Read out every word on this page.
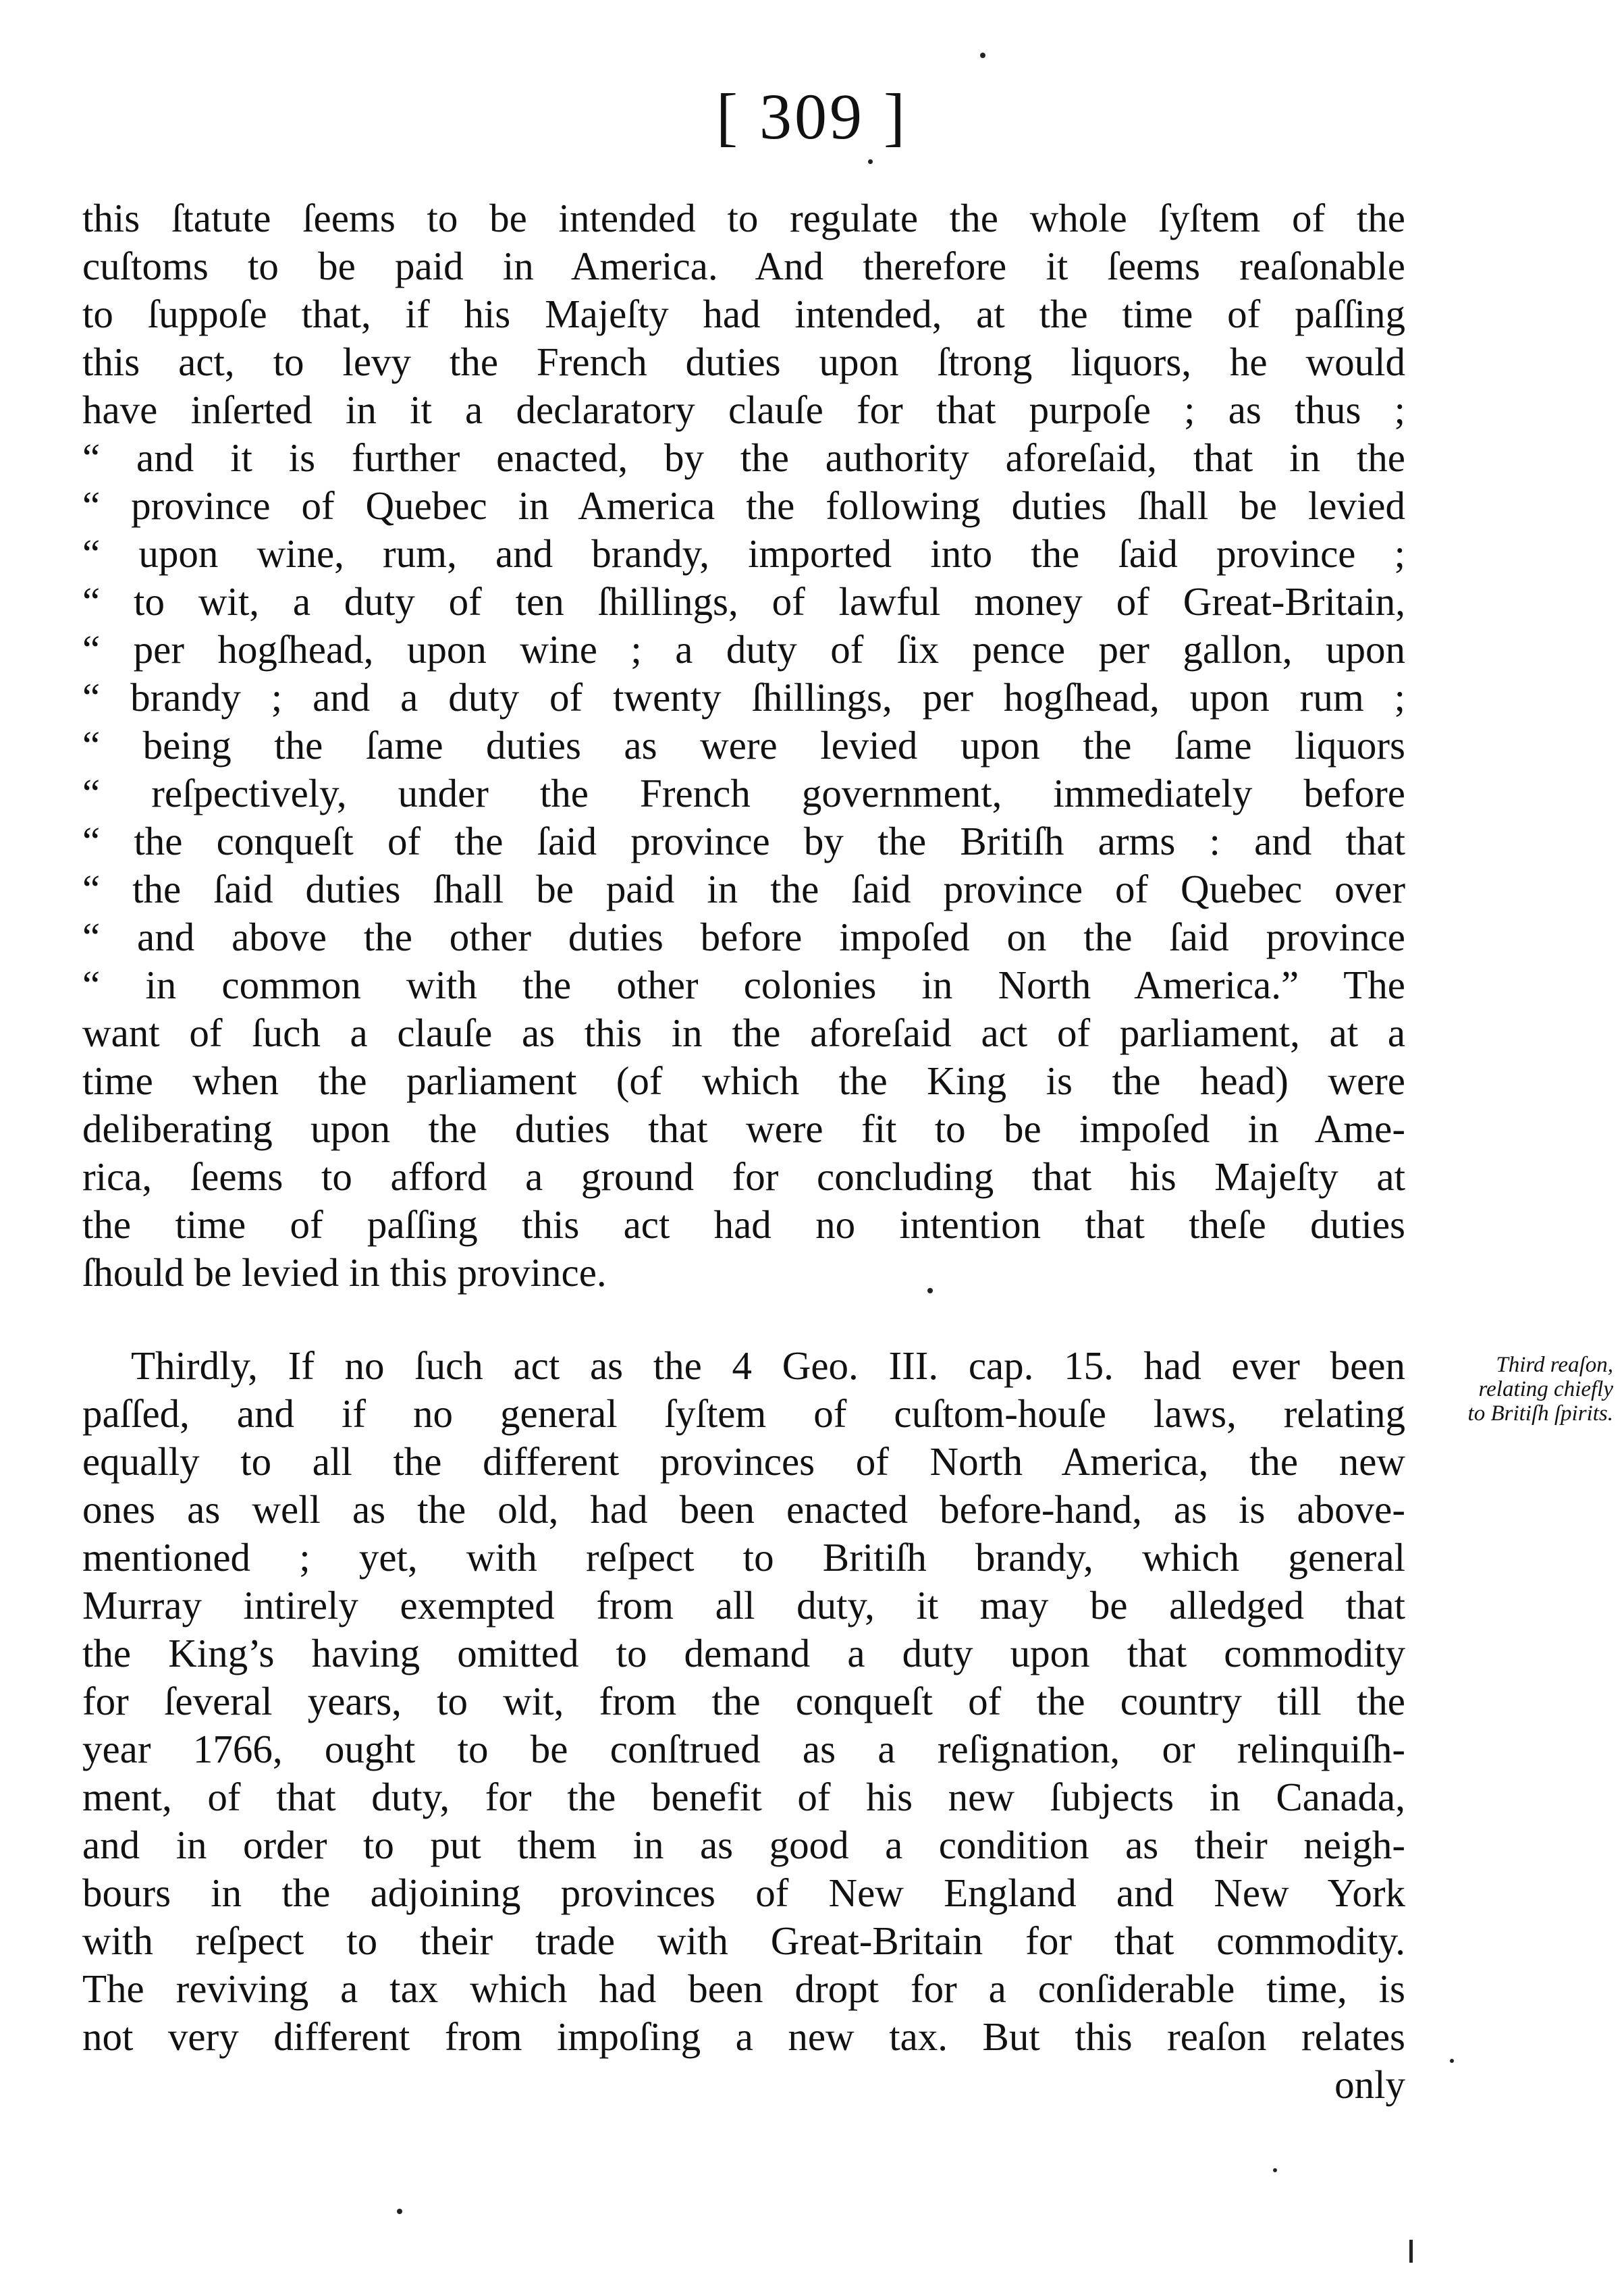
[ 309 ]
this ſtatute ſeems to be intended to regulate the whole ſyſtem of the
cuſtoms to be paid in America. And therefore it ſeems reaſonable
to ſuppoſe that, if his Majeſty had intended, at the time of paſſing
this act, to levy the French duties upon ſtrong liquors, he would
have inſerted in it a declaratory clauſe for that purpoſe ; as thus ;
“ and it is further enacted, by the authority aforeſaid, that in the
“ province of Quebec in America the following duties ſhall be levied
“ upon wine, rum, and brandy, imported into the ſaid province ;
“ to wit, a duty of ten ſhillings, of lawful money of Great-Britain,
“ per hogſhead, upon wine ; a duty of ſix pence per gallon, upon
“ brandy ; and a duty of twenty ſhillings, per hogſhead, upon rum ;
“ being the ſame duties as were levied upon the ſame liquors
“ reſpectively, under the French government, immediately before
“ the conqueſt of the ſaid province by the Britiſh arms : and that
“ the ſaid duties ſhall be paid in the ſaid province of Quebec over
“ and above the other duties before impoſed on the ſaid province
“ in common with the other colonies in North America.” The
want of ſuch a clauſe as this in the aforeſaid act of parliament, at a
time when the parliament (of which the King is the head) were
deliberating upon the duties that were fit to be impoſed in Ame-
rica, ſeems to afford a ground for concluding that his Majeſty at
the time of paſſing this act had no intention that theſe duties
ſhould be levied in this province.
Thirdly, If no ſuch act as the 4 Geo. III. cap. 15. had ever been
paſſed, and if no general ſyſtem of cuſtom-houſe laws, relating
equally to all the different provinces of North America, the new
ones as well as the old, had been enacted before-hand, as is above-
mentioned ; yet, with reſpect to Britiſh brandy, which general
Murray intirely exempted from all duty, it may be alledged that
the King’s having omitted to demand a duty upon that commodity
for ſeveral years, to wit, from the conqueſt of the country till the
year 1766, ought to be conſtrued as a reſignation, or relinquiſh-
ment, of that duty, for the benefit of his new ſubjects in Canada,
and in order to put them in as good a condition as their neigh-
bours in the adjoining provinces of New England and New York
with reſpect to their trade with Great-Britain for that commodity.
The reviving a tax which had been dropt for a conſiderable time, is
not very different from impoſing a new tax. But this reaſon relates
only
Third reaſon,
relating chiefly
to Britiſh ſpirits.
